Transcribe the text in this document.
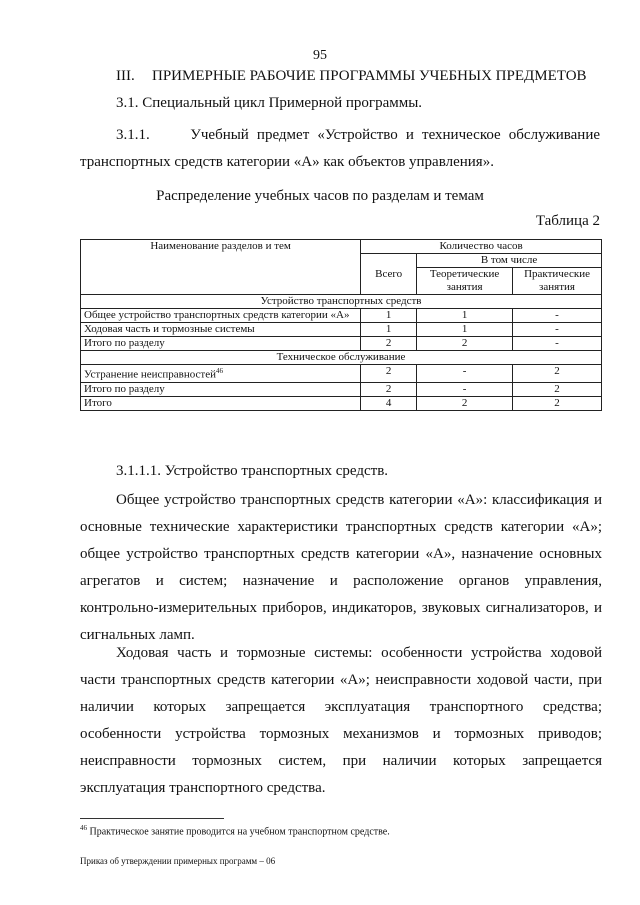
95
III. ПРИМЕРНЫЕ РАБОЧИЕ ПРОГРАММЫ УЧЕБНЫХ ПРЕДМЕТОВ
3.1. Специальный цикл Примерной программы.
3.1.1.	Учебный предмет «Устройство и техническое обслуживание транспортных средств категории «А» как объектов управления».
Распределение учебных часов по разделам и темам
Таблица 2
Наименование разделов и тем	Количество часов		
	Всего	В том числе	
		Теоретические занятия	Практические занятия
Устройство транспортных средств			
Общее устройство транспортных средств категории «А»	1	1	-
Ходовая часть и тормозные системы	1	1	-
Итого по разделу	2	2	-
Техническое обслуживание			
Устранение неисправностей$^{46}$	2	-	2
Итого по разделу	2	-	2
Итого	4	2	2
3.1.1.1. Устройство транспортных средств.
Общее устройство транспортных средств категории «А»: классификация и основные технические характеристики транспортных средств категории «А»; общее устройство транспортных средств категории «А», назначение основных агрегатов и систем; назначение и расположение органов управления, контрольно-измерительных приборов, индикаторов, звуковых сигнализаторов, и сигнальных ламп.
Ходовая часть и тормозные системы: особенности устройства ходовой части транспортных средств категории «А»; неисправности ходовой части, при наличии которых запрещается эксплуатация транспортного средства; особенности устройства тормозных механизмов и тормозных приводов; неисправности тормозных систем, при наличии которых запрещается эксплуатация транспортного средства.
$^{46}$ Практическое занятие проводится на учебном транспортном средстве.
Приказ об утверждении примерных программ – 06
